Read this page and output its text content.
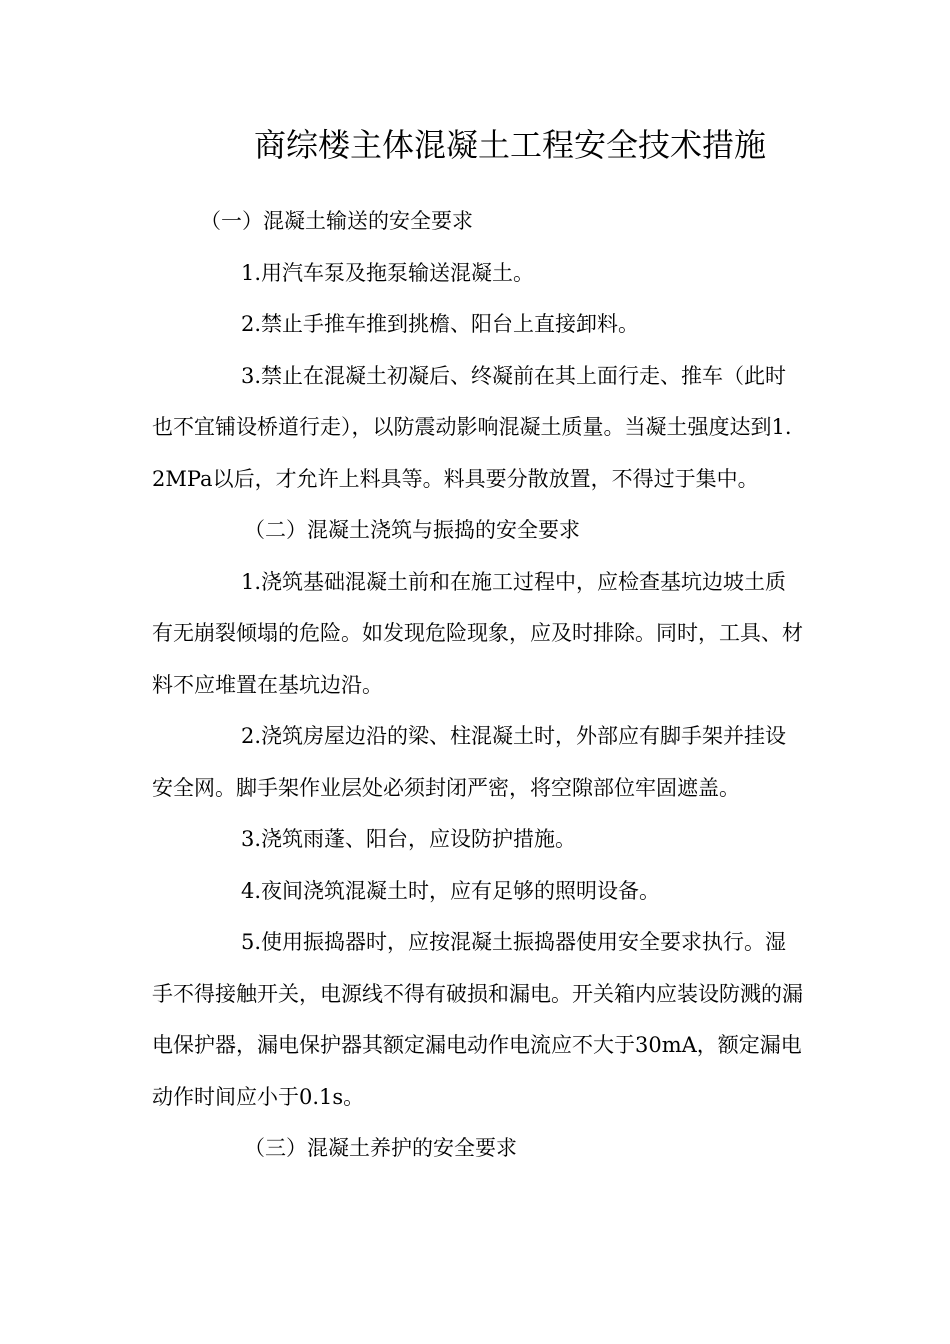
商综楼主体混凝土工程安全技术措施

（一）混凝土输送的安全要求

1.用汽车泵及拖泵输送混凝土。

2.禁止手推车推到挑檐、阳台上直接卸料。

3.禁止在混凝土初凝后、终凝前在其上面行走、推车（此时也不宜铺设桥道行走），以防震动影响混凝土质量。当凝土强度达到1.2MPa以后，才允许上料具等。料具要分散放置，不得过于集中。

（二）混凝土浇筑与振捣的安全要求

1.浇筑基础混凝土前和在施工过程中，应检查基坑边坡土质有无崩裂倾塌的危险。如发现危险现象，应及时排除。同时，工具、材料不应堆置在基坑边沿。

2.浇筑房屋边沿的梁、柱混凝土时，外部应有脚手架并挂设安全网。脚手架作业层处必须封闭严密，将空隙部位牢固遮盖。

3.浇筑雨蓬、阳台，应设防护措施。

4.夜间浇筑混凝土时，应有足够的照明设备。

5.使用振捣器时，应按混凝土振捣器使用安全要求执行。湿手不得接触开关，电源线不得有破损和漏电。开关箱内应装设防溅的漏电保护器，漏电保护器其额定漏电动作电流应不大于30mA，额定漏电动作时间应小于0.1s。

（三）混凝土养护的安全要求
